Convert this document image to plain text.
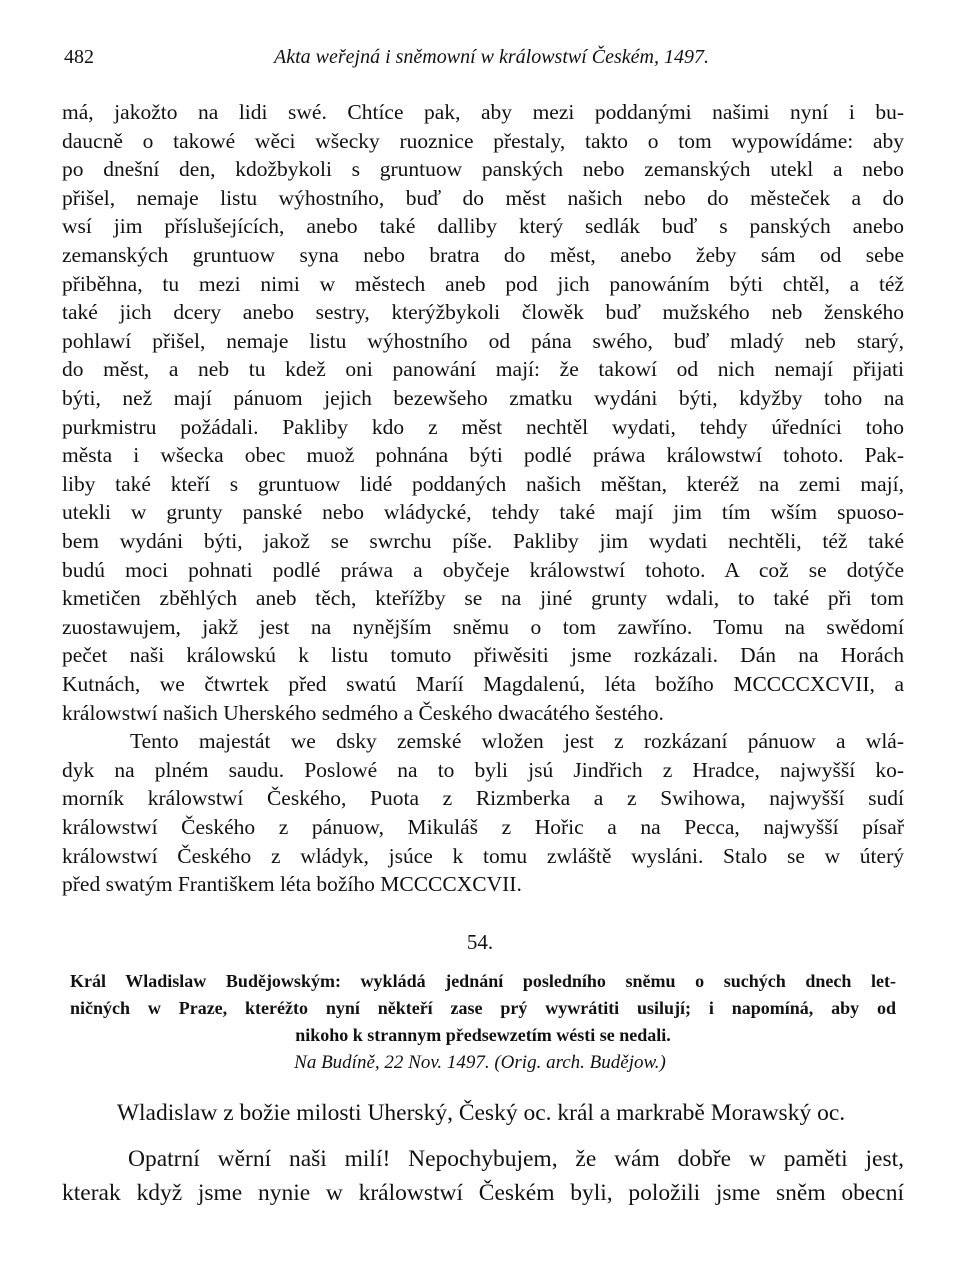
482	Akta weřejná i sněmowní w králowstwí Českém, 1497.
má, jakožto na lidi swé. Chtíce pak, aby mezi poddanými našimi nyní i bu-
daucně o takowé wěci wšecky ruoznice přestaly, takto o tom wypowídáme: aby
po dnešní den, kdožbykoli s gruntuow panských nebo zemanských utekl a nebo
přišel, nemaje listu wýhostního, buď do měst našich nebo do městeček a do
wsí jim příslušejících, anebo také dalliby který sedlák buď s panských anebo
zemanských gruntuow syna nebo bratra do měst, anebo žeby sám od sebe
přiběhna, tu mezi nimi w městech aneb pod jich panowáním býti chtěl, a též
také jich dcery anebo sestry, kterýžbykoli člowěk buď mužského neb ženského
pohlawí přišel, nemaje listu wýhostního od pána swého, buď mladý neb starý,
do měst, a neb tu kdež oni panowání mají: že takowí od nich nemají přijati
býti, než mají pánuom jejich bezewšeho zmatku wydáni býti, kdyžby toho na
purkmistru požádali. Pakliby kdo z měst nechtěl wydati, tehdy úředníci toho
města i wšecka obec muož pohnána býti podlé práwa králowstwí tohoto. Pak-
liby také kteří s gruntuow lidé poddaných našich měštan, kteréž na zemi mají,
utekli w grunty panské nebo wládycké, tehdy také mají jim tím wším spuoso-
bem wydáni býti, jakož se swrchu píše. Pakliby jim wydati nechtěli, též také
budú moci pohnati podlé práwa a obyčeje králowstwí tohoto. A což se dotýče
kmetičen zběhlých aneb těch, kteřížby se na jiné grunty wdali, to také při tom
zuostawujem, jakž jest na nynějším sněmu o tom zawříno. Tomu na swědomí
pečet naši králowskú k listu tomuto přiwěsiti jsme rozkázali. Dán na Horách
Kutnách, we čtwrtek před swatú Maríí Magdalenú, léta božího MCCCCXCVII, a
králowstwí našich Uherského sedmého a Českého dwacátého šestého.
Tento majestát we dsky zemské wložen jest z rozkázaní pánuow a wlá-
dyk na plném saudu. Poslowé na to byli jsú Jindřich z Hradce, najwyšší ko-
morník králowstwí Českého, Puota z Rizmberka a z Swihowa, najwyšší sudí
králowstwí Českého z pánuow, Mikuláš z Hořic a na Pecca, najwyšší písař
králowstwí Českého z wládyk, jsúce k tomu zwláště wysláni. Stalo se w úterý
před swatým Františkem léta božího MCCCCXCVII.
54.
Král Wladislaw Budějowským: wykládá jednání posledního sněmu o suchých dnech let-
ničných w Praze, kteréžto nyní někteří zase prý wywrátiti usilují; i napomíná, aby od
nikoho k strannym předsewzetím wésti se nedali.
Na Budíně, 22 Nov. 1497. (Orig. arch. Budějow.)
Wladislaw z božie milosti Uherský, Český oc. král a markrabě Morawský oc.
Opatrní wěrní naši milí! Nepochybujem, že wám dobře w paměti jest,
kterak když jsme nynie w králowstwí Českém byli, položili jsme sněm obecní
